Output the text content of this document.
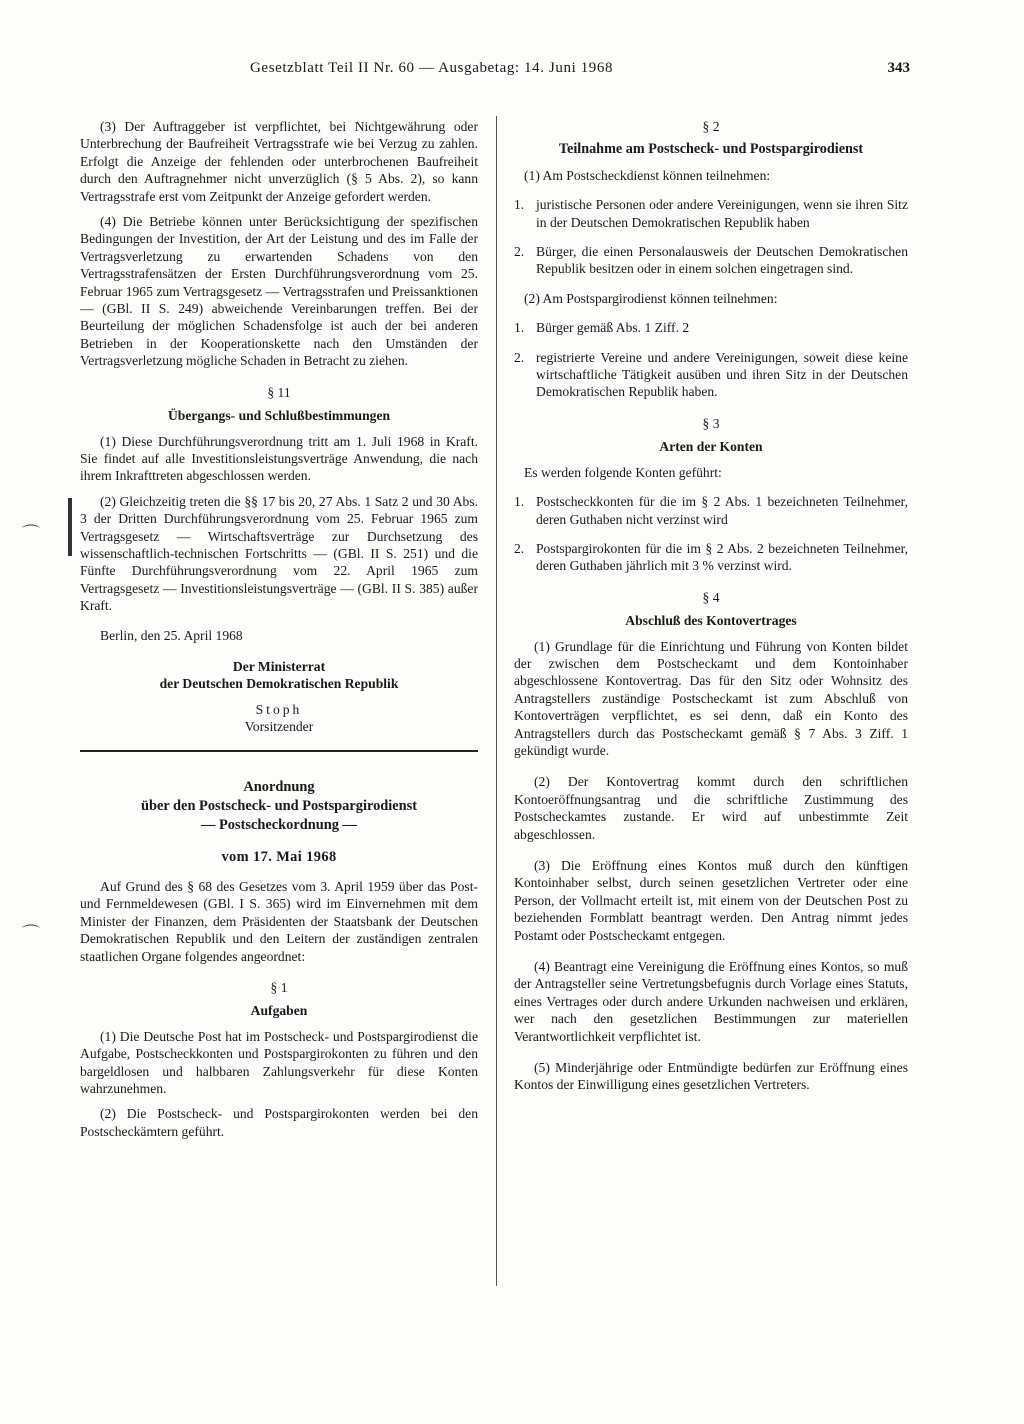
Gesetzblatt Teil II Nr. 60 — Ausgabetag: 14. Juni 1968	343
⌒
⌒

(3) Der Auftraggeber ist verpflichtet, bei Nichtgewährung oder Unterbrechung der Baufreiheit Vertragsstrafe wie bei Verzug zu zahlen. Erfolgt die Anzeige der fehlenden oder unterbrochenen Baufreiheit durch den Auftragnehmer nicht unverzüglich (§ 5 Abs. 2), so kann Vertragsstrafe erst vom Zeitpunkt der Anzeige gefordert werden.

(4) Die Betriebe können unter Berücksichtigung der spezifischen Bedingungen der Investition, der Art der Leistung und des im Falle der Vertragsverletzung zu erwartenden Schadens von den Vertragsstrafensätzen der Ersten Durchführungsverordnung vom 25. Februar 1965 zum Vertragsgesetz — Vertragsstrafen und Preissanktionen — (GBl. II S. 249) abweichende Vereinbarungen treffen. Bei der Beurteilung der möglichen Schadensfolge ist auch der bei anderen Betrieben in der Kooperationskette nach den Umständen der Vertragsverletzung mögliche Schaden in Betracht zu ziehen.

§ 11
Übergangs- und Schlußbestimmungen

(1) Diese Durchführungsverordnung tritt am 1. Juli 1968 in Kraft. Sie findet auf alle Investitionsleistungsverträge Anwendung, die nach ihrem Inkrafttreten abgeschlossen werden.

(2) Gleichzeitig treten die §§ 17 bis 20, 27 Abs. 1 Satz 2 und 30 Abs. 3 der Dritten Durchführungsverordnung vom 25. Februar 1965 zum Vertragsgesetz — Wirtschaftsverträge zur Durchsetzung des wissenschaftlich-technischen Fortschritts — (GBl. II S. 251) und die Fünfte Durchführungsverordnung vom 22. April 1965 zum Vertragsgesetz — Investitionsleistungsverträge — (GBl. II S. 385) außer Kraft.

Berlin, den 25. April 1968

Der Ministerrat

der Deutschen Demokratischen Republik

Stoph

Vorsitzender

Anordnung

über den Postscheck- und Postspargirodienst

— Postscheckordnung —

vom 17. Mai 1968

Auf Grund des § 68 des Gesetzes vom 3. April 1959 über das Post- und Fernmeldewesen (GBl. I S. 365) wird im Einvernehmen mit dem Minister der Finanzen, dem Präsidenten der Staatsbank der Deutschen Demokratischen Republik und den Leitern der zuständigen zentralen staatlichen Organe folgendes angeordnet:

§ 1
Aufgaben

(1) Die Deutsche Post hat im Postscheck- und Postspargirodienst die Aufgabe, Postscheckkonten und Postspargirokonten zu führen und den bargeldlosen und halbbaren Zahlungsverkehr für diese Konten wahrzunehmen.

(2) Die Postscheck- und Postspargirokonten werden bei den Postscheckämtern geführt.

§ 2
Teilnahme am Postscheck- und Postspargirodienst

(1) Am Postscheckdienst können teilnehmen:

1. juristische Personen oder andere Vereinigungen, wenn sie ihren Sitz in der Deutschen Demokratischen Republik haben
2. Bürger, die einen Personalausweis der Deutschen Demokratischen Republik besitzen oder in einem solchen eingetragen sind.

(2) Am Postspargirodienst können teilnehmen:

1. Bürger gemäß Abs. 1 Ziff. 2
2. registrierte Vereine und andere Vereinigungen, soweit diese keine wirtschaftliche Tätigkeit ausüben und ihren Sitz in der Deutschen Demokratischen Republik haben.
§ 3
Arten der Konten

Es werden folgende Konten geführt:

1. Postscheckkonten für die im § 2 Abs. 1 bezeichneten Teilnehmer, deren Guthaben nicht verzinst wird
2. Postspargirokonten für die im § 2 Abs. 2 bezeichneten Teilnehmer, deren Guthaben jährlich mit 3 % verzinst wird.
§ 4
Abschluß des Kontovertrages

(1) Grundlage für die Einrichtung und Führung von Konten bildet der zwischen dem Postscheckamt und dem Kontoinhaber abgeschlossene Kontovertrag. Das für den Sitz oder Wohnsitz des Antragstellers zuständige Postscheckamt ist zum Abschluß von Kontoverträgen verpflichtet, es sei denn, daß ein Konto des Antragstellers durch das Postscheckamt gemäß § 7 Abs. 3 Ziff. 1 gekündigt wurde.

(2) Der Kontovertrag kommt durch den schriftlichen Kontoeröffnungsantrag und die schriftliche Zustimmung des Postscheckamtes zustande. Er wird auf unbestimmte Zeit abgeschlossen.

(3) Die Eröffnung eines Kontos muß durch den künftigen Kontoinhaber selbst, durch seinen gesetzlichen Vertreter oder eine Person, der Vollmacht erteilt ist, mit einem von der Deutschen Post zu beziehenden Formblatt beantragt werden. Den Antrag nimmt jedes Postamt oder Postscheckamt entgegen.

(4) Beantragt eine Vereinigung die Eröffnung eines Kontos, so muß der Antragsteller seine Vertretungsbefugnis durch Vorlage eines Statuts, eines Vertrages oder durch andere Urkunden nachweisen und erklären, wer nach den gesetzlichen Bestimmungen zur materiellen Verantwortlichkeit verpflichtet ist.

(5) Minderjährige oder Entmündigte bedürfen zur Eröffnung eines Kontos der Einwilligung eines gesetzlichen Vertreters.
